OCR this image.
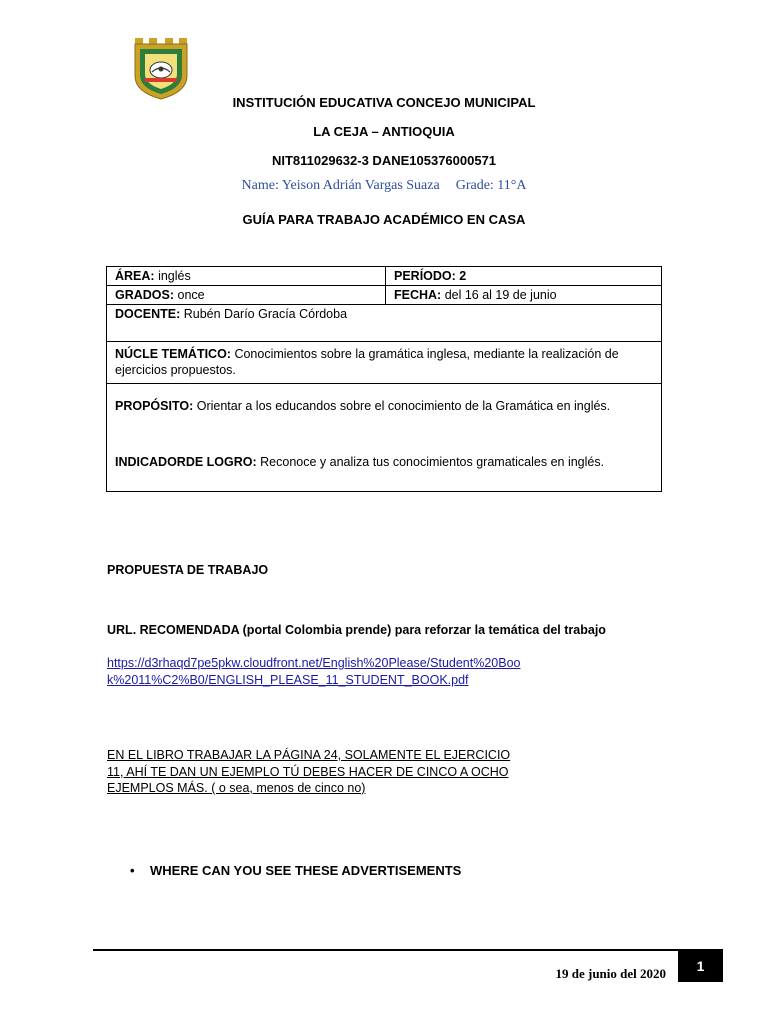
INSTITUCIÓN EDUCATIVA CONCEJO MUNICIPAL
LA CEJA – ANTIOQUIA
NIT811029632-3 DANE105376000571
Name: Yeison Adrián Vargas Suaza Grade: 11°A
GUÍA PARA TRABAJO ACADÉMICO EN CASA
ÁREA: inglés	PERÍODO: 2
GRADOS: once	FECHA: del 16 al 19 de junio
DOCENTE: Rubén Darío Gracía Córdoba	
NÚCLE TEMÁTICO: Conocimientos sobre la gramática inglesa, mediante la realización de ejercicios propuestos.	

PROPÓSITO: Orientar a los educandos sobre el conocimiento de la Gramática en inglés.
INDICADORDE LOGRO: Reconoce y analiza tus conocimientos gramaticales en inglés.	
PROPUESTA DE TRABAJO
URL. RECOMENDADA (portal Colombia prende) para reforzar la temática del trabajo
https://d3rhaqd7pe5pkw.cloudfront.net/English%20Please/Student%20Book%2011%C2%B0/ENGLISH_PLEASE_11_STUDENT_BOOK.pdf
EN EL LIBRO TRABAJAR LA PÁGINA 24, SOLAMENTE EL EJERCICIO 11, AHÍ TE DAN UN EJEMPLO TÚ DEBES HACER DE CINCO A OCHO EJEMPLOS MÁS. ( o sea, menos de cinco no)
• WHERE CAN YOU SEE THESE ADVERTISEMENTS
19 de junio del 2020	1
